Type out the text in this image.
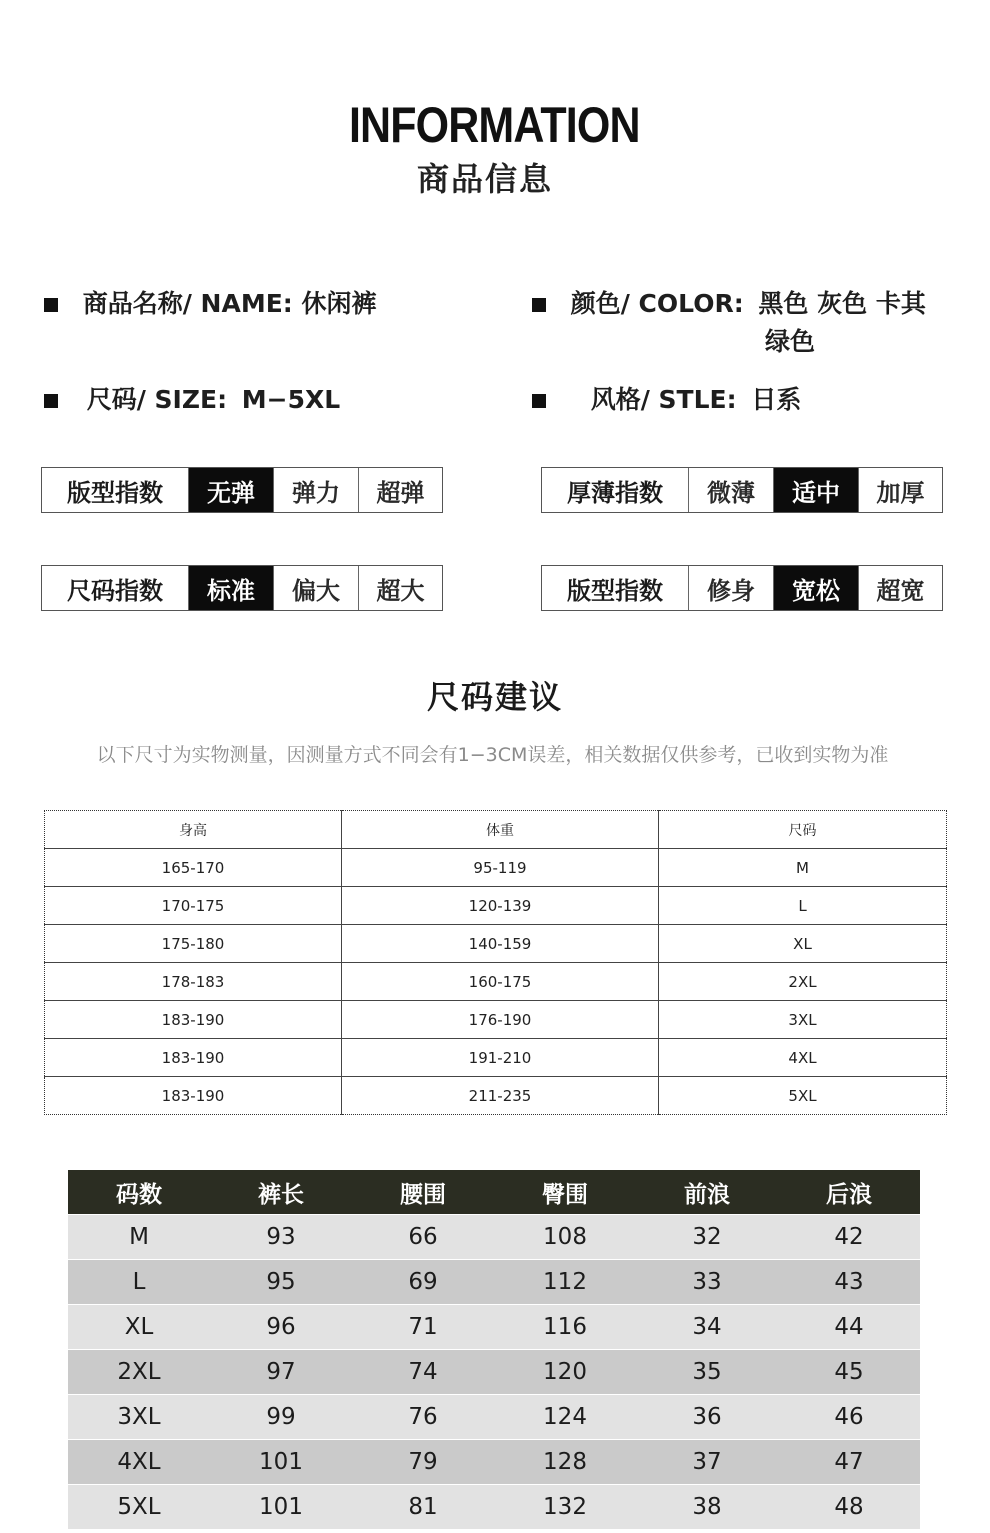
INFORMATION
商品信息
商品名称/ NAME: 休闲裤	颜色/ COLOR: 黑色 灰色 卡其
绿色
尺码/ SIZE: M−5XL	风格/ STLE: 日系
版型指数	无弹	弹力	超弹	厚薄指数	微薄	适中	加厚
尺码指数	标准	偏大	超大	版型指数	修身	宽松	超宽
尺码建议
以下尺寸为实物测量，因测量方式不同会有1−3CM误差，相关数据仅供参考，已收到实物为准
身高	体重	尺码
165-170	95-119	M
170-175	120-139	L
175-180	140-159	XL
178-183	160-175	2XL
183-190	176-190	3XL
183-190	191-210	4XL
183-190	211-235	5XL
码数	裤长	腰围	臀围	前浪	后浪
M	93	66	108	32	42
L	95	69	112	33	43
XL	96	71	116	34	44
2XL	97	74	120	35	45
3XL	99	76	124	36	46
4XL	101	79	128	37	47
5XL	101	81	132	38	48
